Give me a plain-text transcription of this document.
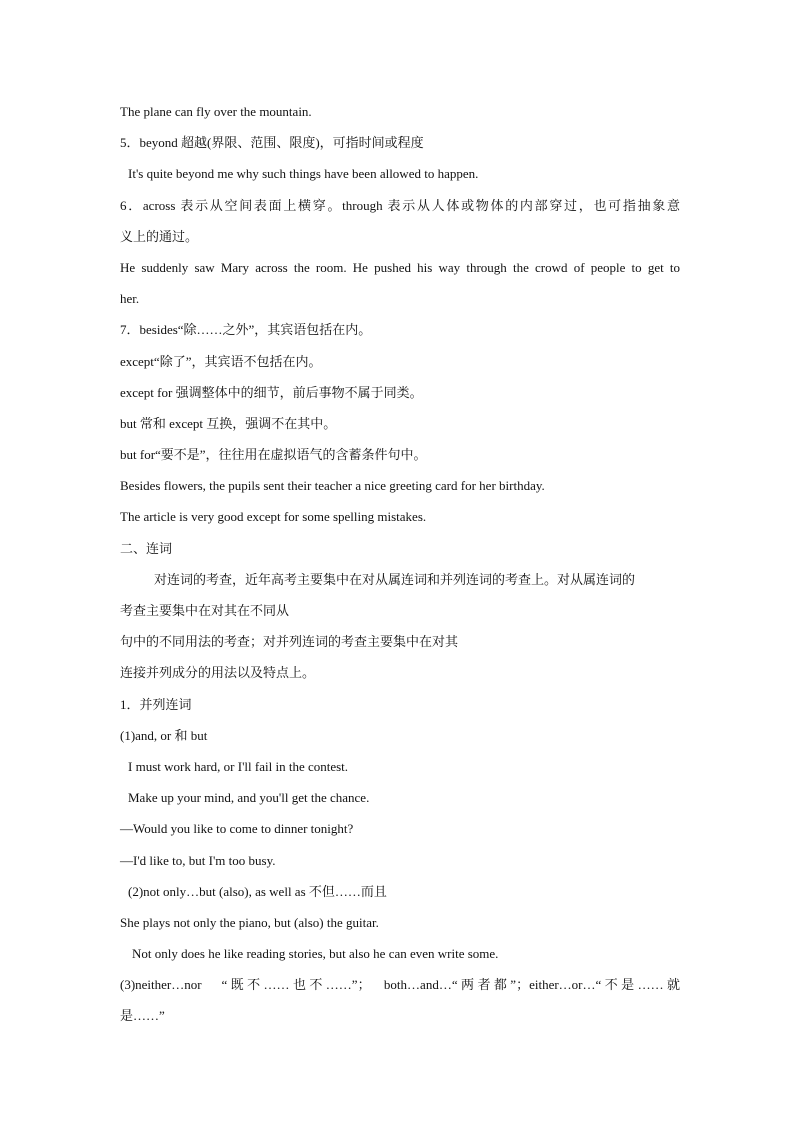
The plane can fly over the mountain.
5．beyond 超越(界限、范围、限度)，可指时间或程度
It's quite beyond me why such things have been allowed to happen.
6．across 表示从空间表面上横穿。through 表示从人体或物体的内部穿过，也可指抽象意
义上的通过。
He suddenly saw Mary across the room. He pushed his way through the crowd of people to get to
her.
7．besides“除……之外”，其宾语包括在内。
except“除了”，其宾语不包括在内。
except for 强调整体中的细节，前后事物不属于同类。
but 常和 except 互换，强调不在其中。
but for“要不是”，往往用在虚拟语气的含蓄条件句中。
Besides flowers, the pupils sent their teacher a nice greeting card for her birthday.
The article is very good except for some spelling mistakes.
二、连词
对连词的考查，近年高考主要集中在对从属连词和并列连词的考查上。对从属连词的
考查主要集中在对其在不同从
句中的不同用法的考查；对并列连词的考查主要集中在对其
连接并列成分的用法以及特点上。
1．并列连词
(1)and, or 和 but
I must work hard, or I'll fail in the contest.
Make up your mind, and you'll get the chance.
—Would you like to come to dinner tonight?
—I'd like to, but I'm too busy.
(2)not only…but (also), as well as 不但……而且
She plays not only the piano, but (also) the guitar.
Not only does he like reading stories, but also he can even write some.
(3)neither…nor　“既不……也不……”；　both…and…“两者都”；either…or…“不是……就
是……”
